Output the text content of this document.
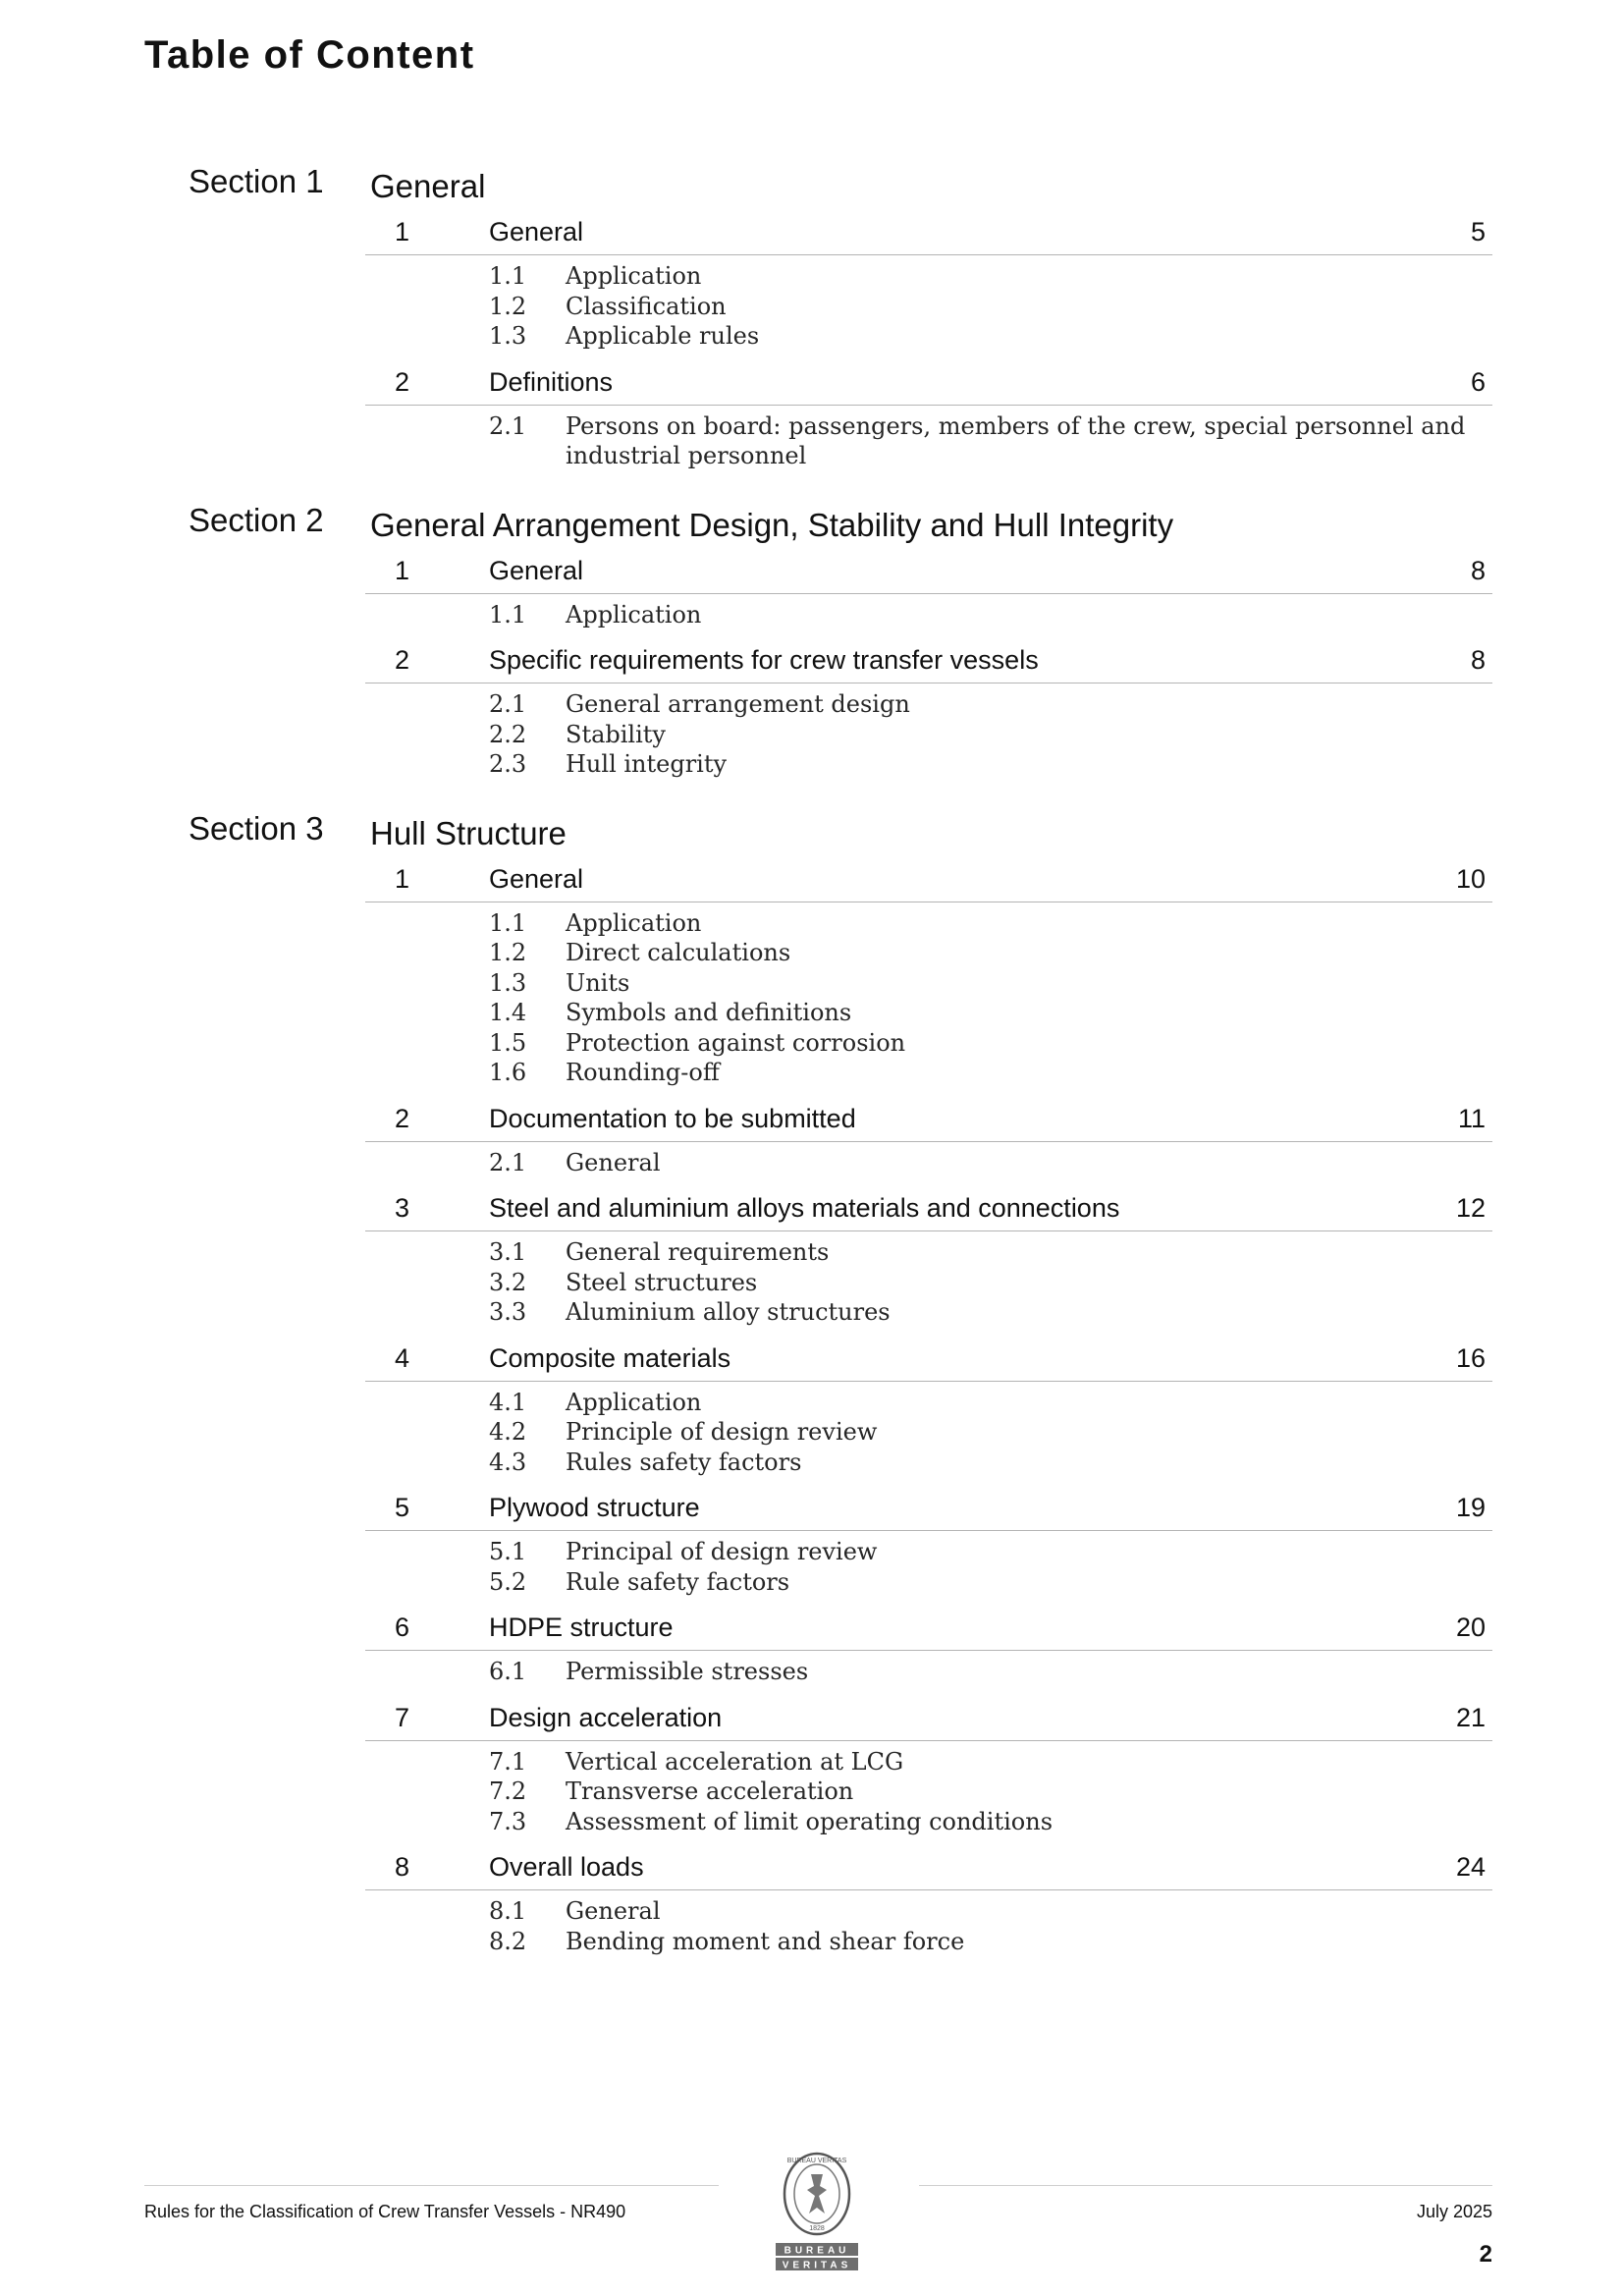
Table of Content
Section 1 General
1	General	5
1.1 Application
1.2 Classification
1.3 Applicable rules
2	Definitions	6
2.1 Persons on board: passengers, members of the crew, special personnel and industrial personnel
Section 2 General Arrangement Design, Stability and Hull Integrity
1	General	8
1.1 Application
2	Specific requirements for crew transfer vessels	8
2.1 General arrangement design
2.2 Stability
2.3 Hull integrity
Section 3 Hull Structure
1	General	10
1.1 Application
1.2 Direct calculations
1.3 Units
1.4 Symbols and definitions
1.5 Protection against corrosion
1.6 Rounding-off
2	Documentation to be submitted	11
2.1 General
3	Steel and aluminium alloys materials and connections	12
3.1 General requirements
3.2 Steel structures
3.3 Aluminium alloy structures
4	Composite materials	16
4.1 Application
4.2 Principle of design review
4.3 Rules safety factors
5	Plywood structure	19
5.1 Principal of design review
5.2 Rule safety factors
6	HDPE structure	20
6.1 Permissible stresses
7	Design acceleration	21
7.1 Vertical acceleration at LCG
7.2 Transverse acceleration
7.3 Assessment of limit operating conditions
8	Overall loads	24
8.1 General
8.2 Bending moment and shear force
BUREAU VERITAS
1828
BUREAU
VERITAS
Rules for the Classification of Crew Transfer Vessels - NR490	July 2025
2
